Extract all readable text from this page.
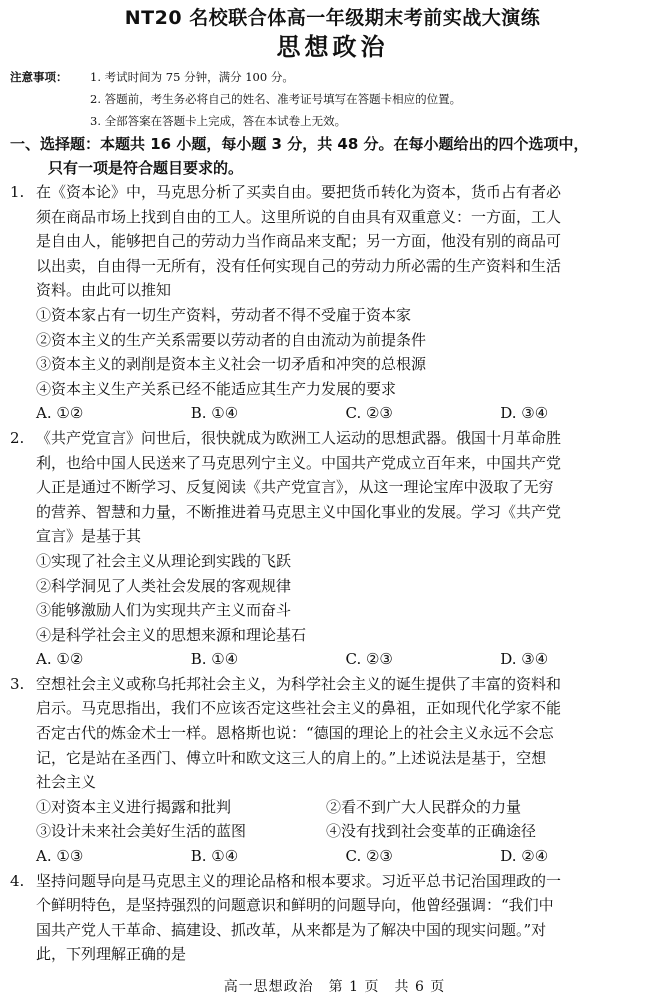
NT20 名校联合体高一年级期末考前实战大演练
思想政治
注意事项：	1. 考试时间为 75 分钟，满分 100 分。
2. 答题前，考生务必将自己的姓名、准考证号填写在答题卡相应的位置。
3. 全部答案在答题卡上完成，答在本试卷上无效。
一、选择题：本题共 16 小题，每小题 3 分，共 48 分。在每小题给出的四个选项中，
只有一项是符合题目要求的。
1. 在《资本论》中，马克思分析了买卖自由。要把货币转化为资本，货币占有者必
须在商品市场上找到自由的工人。这里所说的自由具有双重意义：一方面，工人
是自由人，能够把自己的劳动力当作商品来支配；另一方面，他没有别的商品可
以出卖，自由得一无所有，没有任何实现自己的劳动力所必需的生产资料和生活
资料。由此可以推知
①资本家占有一切生产资料，劳动者不得不受雇于资本家
②资本主义的生产关系需要以劳动者的自由流动为前提条件
③资本主义的剥削是资本主义社会一切矛盾和冲突的总根源
④资本主义生产关系已经不能适应其生产力发展的要求
A. ①②	B. ①④	C. ②③	D. ③④
2. 《共产党宣言》问世后，很快就成为欧洲工人运动的思想武器。俄国十月革命胜
利，也给中国人民送来了马克思列宁主义。中国共产党成立百年来，中国共产党
人正是通过不断学习、反复阅读《共产党宣言》，从这一理论宝库中汲取了无穷
的营养、智慧和力量，不断推进着马克思主义中国化事业的发展。学习《共产党
宣言》是基于其
①实现了社会主义从理论到实践的飞跃
②科学洞见了人类社会发展的客观规律
③能够激励人们为实现共产主义而奋斗
④是科学社会主义的思想来源和理论基石
A. ①②	B. ①④	C. ②③	D. ③④
3. 空想社会主义或称乌托邦社会主义，为科学社会主义的诞生提供了丰富的资料和
启示。马克思指出，我们不应该否定这些社会主义的鼻祖，正如现代化学家不能
否定古代的炼金术士一样。恩格斯也说：“德国的理论上的社会主义永远不会忘
记，它是站在圣西门、傅立叶和欧文这三人的肩上的。”上述说法是基于，空想
社会主义
①对资本主义进行揭露和批判	②看不到广大人民群众的力量
③设计未来社会美好生活的蓝图	④没有找到社会变革的正确途径
A. ①③	B. ①④	C. ②③	D. ②④
4. 坚持问题导向是马克思主义的理论品格和根本要求。习近平总书记治国理政的一
个鲜明特色，是坚持强烈的问题意识和鲜明的问题导向，他曾经强调：“我们中
国共产党人干革命、搞建设、抓改革，从来都是为了解决中国的现实问题。”对
此，下列理解正确的是
高一思想政治　第 1 页　共 6 页
